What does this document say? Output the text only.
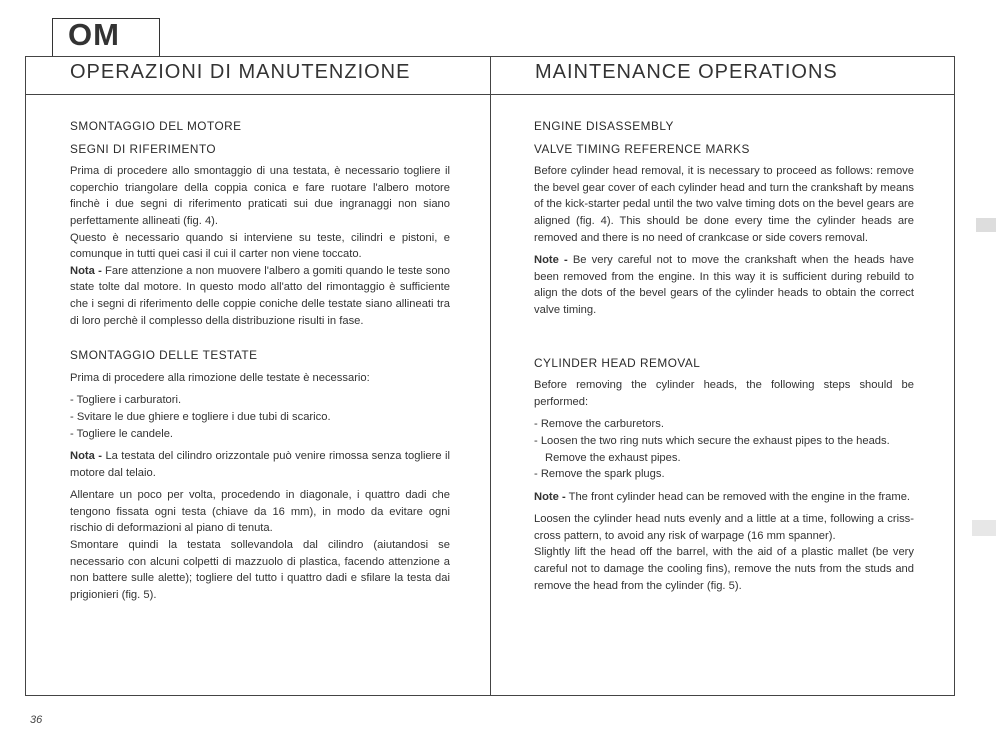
OM
OPERAZIONI DI MANUTENZIONE	MAINTENANCE OPERATIONS
SMONTAGGIO DEL MOTORE
SEGNI DI RIFERIMENTO
Prima di procedere allo smontaggio di una testata, è necessario togliere il coperchio triangolare della coppia conica e fare ruotare l'albero motore finchè i due segni di riferimento praticati sui due ingranaggi non siano perfettamente allineati (fig. 4).
Questo è necessario quando si interviene su teste, cilindri e pistoni, e comunque in tutti quei casi il cui il carter non viene toccato.
Nota - Fare attenzione a non muovere l'albero a gomiti quando le teste sono state tolte dal motore. In questo modo all'atto del rimontaggio è sufficiente che i segni di riferimento delle coppie coniche delle testate siano allineati tra di loro perchè il complesso della distribuzione risulti in fase.
SMONTAGGIO DELLE TESTATE
Prima di procedere alla rimozione delle testate è necessario:
- Togliere i carburatori.
- Svitare le due ghiere e togliere i due tubi di scarico.
- Togliere le candele.
Nota - La testata del cilindro orizzontale può venire rimossa senza togliere il motore dal telaio.
Allentare un poco per volta, procedendo in diagonale, i quattro dadi che tengono fissata ogni testa (chiave da 16 mm), in modo da evitare ogni rischio di deformazioni al piano di tenuta.
Smontare quindi la testata sollevandola dal cilindro (aiutandosi se necessario con alcuni colpetti di mazzuolo di plastica, facendo attenzione a non battere sulle alette); togliere del tutto i quattro dadi e sfilare la testa dai prigionieri (fig. 5).
ENGINE DISASSEMBLY
VALVE TIMING REFERENCE MARKS
Before cylinder head removal, it is necessary to proceed as follows: remove the bevel gear cover of each cylinder head and turn the crankshaft by means of the kick-starter pedal until the two valve timing dots on the bevel gears are aligned (fig. 4). This should be done every time the cylinder heads are removed and there is no need of crankcase or side covers removal.
Note - Be very careful not to move the crankshaft when the heads have been removed from the engine. In this way it is sufficient during rebuild to align the dots of the bevel gears of the cylinder heads to obtain the correct valve timing.
CYLINDER HEAD REMOVAL
Before removing the cylinder heads, the following steps should be performed:
- Remove the carburetors.
- Loosen the two ring nuts which secure the exhaust pipes to the heads. Remove the exhaust pipes.
- Remove the spark plugs.
Note - The front cylinder head can be removed with the engine in the frame.
Loosen the cylinder head nuts evenly and a little at a time, following a criss-cross pattern, to avoid any risk of warpage (16 mm spanner).
Slightly lift the head off the barrel, with the aid of a plastic mallet (be very careful not to damage the cooling fins), remove the nuts from the studs and remove the head from the cylinder (fig. 5).
36
